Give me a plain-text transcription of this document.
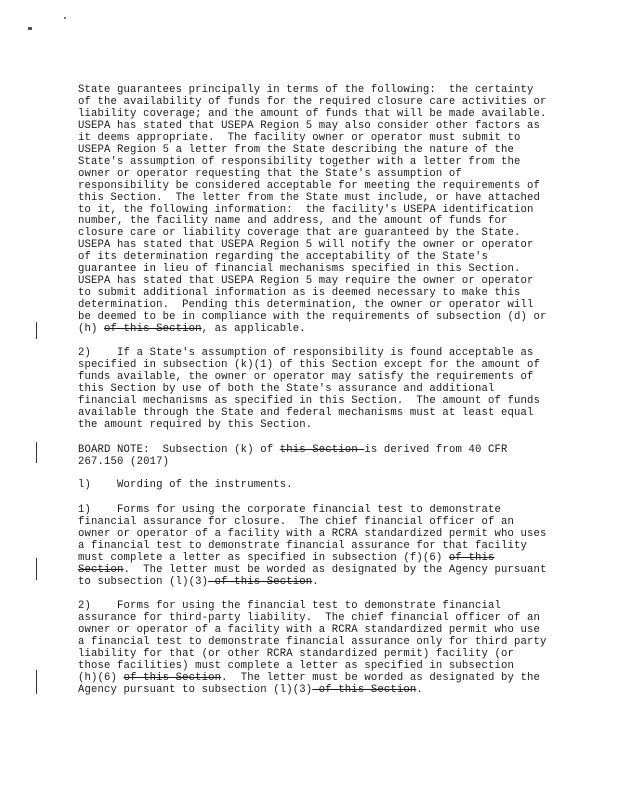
State guarantees principally in terms of the following:  the certainty
of the availability of funds for the required closure care activities or
liability coverage; and the amount of funds that will be made available.
USEPA has stated that USEPA Region 5 may also consider other factors as
it deems appropriate.  The facility owner or operator must submit to
USEPA Region 5 a letter from the State describing the nature of the
State's assumption of responsibility together with a letter from the
owner or operator requesting that the State's assumption of
responsibility be considered acceptable for meeting the requirements of
this Section.  The letter from the State must include, or have attached
to it, the following information:  the facility's USEPA identification
number, the facility name and address, and the amount of funds for
closure care or liability coverage that are guaranteed by the State.
USEPA has stated that USEPA Region 5 will notify the owner or operator
of its determination regarding the acceptability of the State's
guarantee in lieu of financial mechanisms specified in this Section.
USEPA has stated that USEPA Region 5 may require the owner or operator
to submit additional information as is deemed necessary to make this
determination.  Pending this determination, the owner or operator will
be deemed to be in compliance with the requirements of subsection (d) or
(h) of this Section, as applicable.
2)    If a State's assumption of responsibility is found acceptable as
specified in subsection (k)(1) of this Section except for the amount of
funds available, the owner or operator may satisfy the requirements of
this Section by use of both the State's assurance and additional
financial mechanisms as specified in this Section.  The amount of funds
available through the State and federal mechanisms must at least equal
the amount required by this Section.
BOARD NOTE:  Subsection (k) of this Section is derived from 40 CFR
267.150 (2017)
l)    Wording of the instruments.
1)    Forms for using the corporate financial test to demonstrate
financial assurance for closure.  The chief financial officer of an
owner or operator of a facility with a RCRA standardized permit who uses
a financial test to demonstrate financial assurance for that facility
must complete a letter as specified in subsection (f)(6) of this
Section.  The letter must be worded as designated by the Agency pursuant
to subsection (l)(3) of this Section.
2)    Forms for using the financial test to demonstrate financial
assurance for third-party liability.  The chief financial officer of an
owner or operator of a facility with a RCRA standardized permit who use
a financial test to demonstrate financial assurance only for third party
liability for that (or other RCRA standardized permit) facility (or
those facilities) must complete a letter as specified in subsection
(h)(6) of this Section.  The letter must be worded as designated by the
Agency pursuant to subsection (l)(3) of this Section.
